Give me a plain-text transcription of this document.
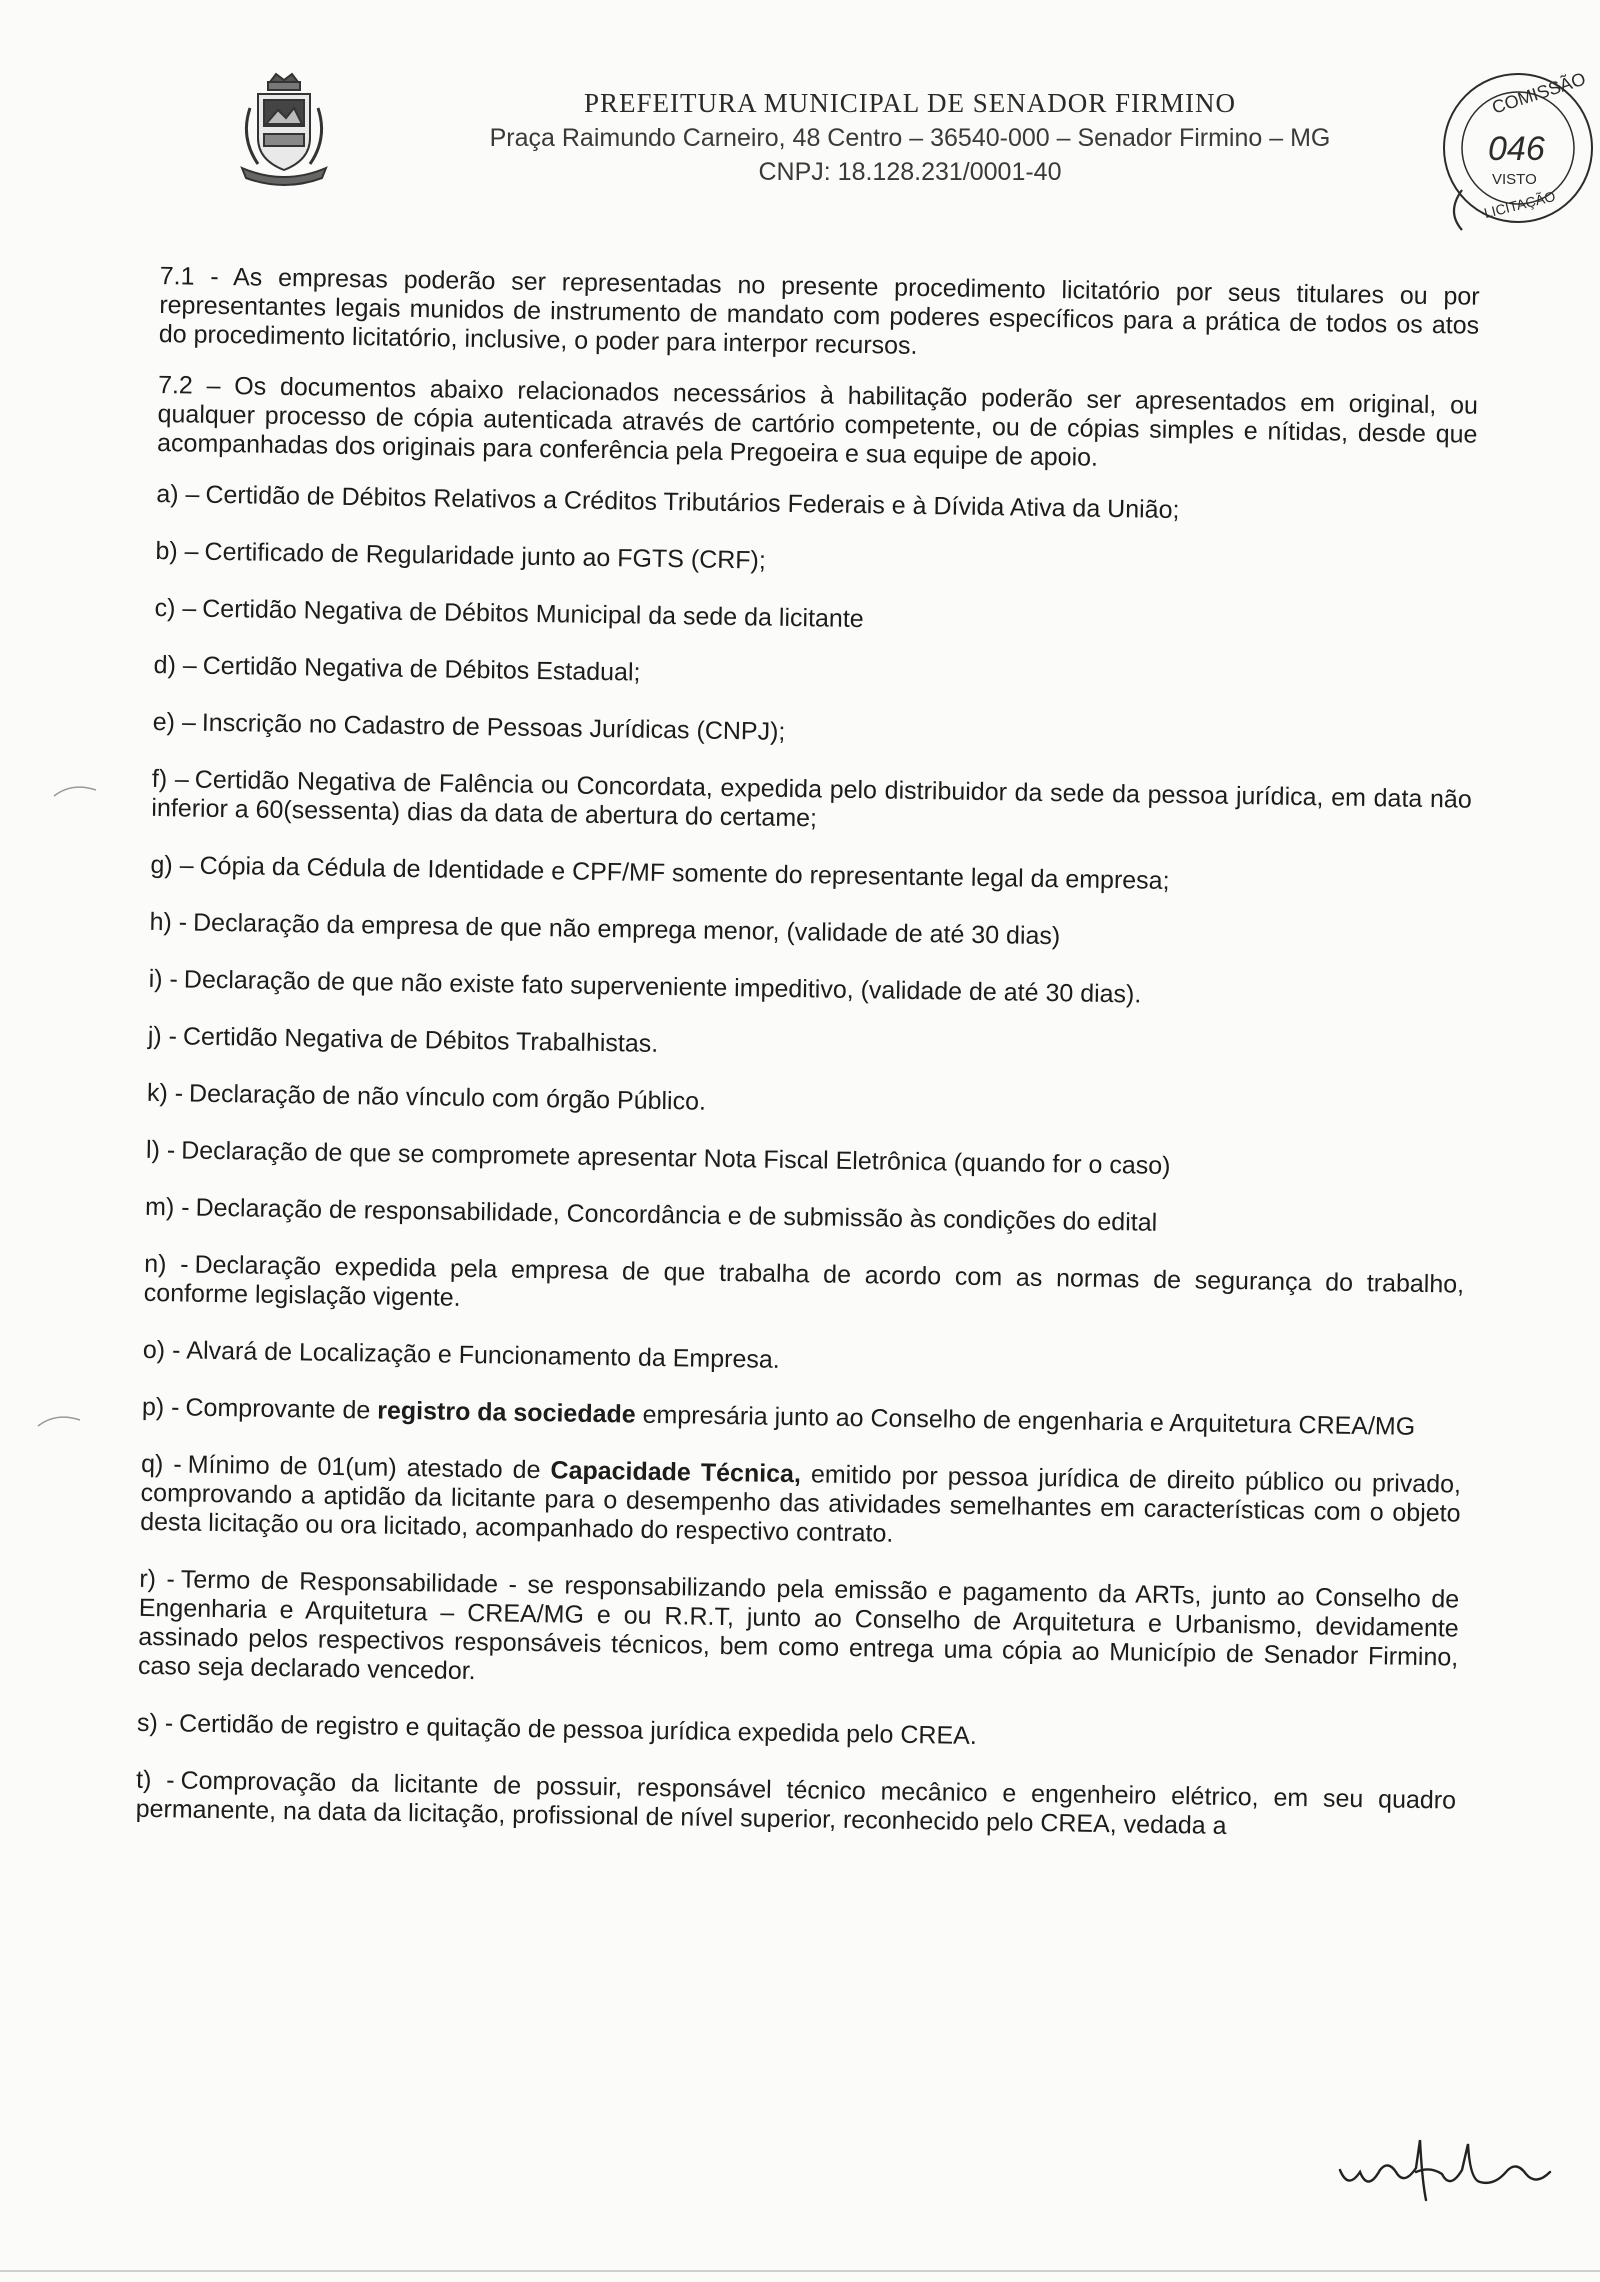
PREFEITURA MUNICIPAL DE SENADOR FIRMINO

Praça Raimundo Carneiro, 48 Centro – 36540-000 – Senador Firmino – MG

CNPJ: 18.128.231/0001-40

COMISSÃO
046
VISTO
LICITAÇÃO

7.1 - As empresas poderão ser representadas no presente procedimento licitatório por seus titulares ou por representantes legais munidos de instrumento de mandato com poderes específicos para a prática de todos os atos do procedimento licitatório, inclusive, o poder para interpor recursos.

7.2 – Os documentos abaixo relacionados necessários à habilitação poderão ser apresentados em original, ou qualquer processo de cópia autenticada através de cartório competente, ou de cópias simples e nítidas, desde que acompanhadas dos originais para conferência pela Pregoeira e sua equipe de apoio.

a) – Certidão de Débitos Relativos a Créditos Tributários Federais e à Dívida Ativa da União;

b) – Certificado de Regularidade junto ao FGTS (CRF);

c) – Certidão Negativa de Débitos Municipal da sede da licitante

d) – Certidão Negativa de Débitos Estadual;

e) – Inscrição no Cadastro de Pessoas Jurídicas (CNPJ);

f) – Certidão Negativa de Falência ou Concordata, expedida pelo distribuidor da sede da pessoa jurídica, em data não inferior a 60(sessenta) dias da data de abertura do certame;

g) – Cópia da Cédula de Identidade e CPF/MF somente do representante legal da empresa;

h) - Declaração da empresa de que não emprega menor, (validade de até 30 dias)

i) - Declaração de que não existe fato superveniente impeditivo, (validade de até 30 dias).

j) - Certidão Negativa de Débitos Trabalhistas.

k) - Declaração de não vínculo com órgão Público.

l) - Declaração de que se compromete apresentar Nota Fiscal Eletrônica (quando for o caso)

m) - Declaração de responsabilidade, Concordância e de submissão às condições do edital

n) - Declaração expedida pela empresa de que trabalha de acordo com as normas de segurança do trabalho, conforme legislação vigente.

o) - Alvará de Localização e Funcionamento da Empresa.

p) - Comprovante de registro da sociedade empresária junto ao Conselho de engenharia e Arquitetura CREA/MG

q) - Mínimo de 01(um) atestado de Capacidade Técnica, emitido por pessoa jurídica de direito público ou privado, comprovando a aptidão da licitante para o desempenho das atividades semelhantes em características com o objeto desta licitação ou ora licitado, acompanhado do respectivo contrato.

r) - Termo de Responsabilidade - se responsabilizando pela emissão e pagamento da ARTs, junto ao Conselho de Engenharia e Arquitetura – CREA/MG e ou R.R.T, junto ao Conselho de Arquitetura e Urbanismo, devidamente assinado pelos respectivos responsáveis técnicos, bem como entrega uma cópia ao Município de Senador Firmino, caso seja declarado vencedor.

s) - Certidão de registro e quitação de pessoa jurídica expedida pelo CREA.

t) - Comprovação da licitante de possuir, responsável técnico mecânico e engenheiro elétrico, em seu quadro permanente, na data da licitação, profissional de nível superior, reconhecido pelo CREA, vedada a
